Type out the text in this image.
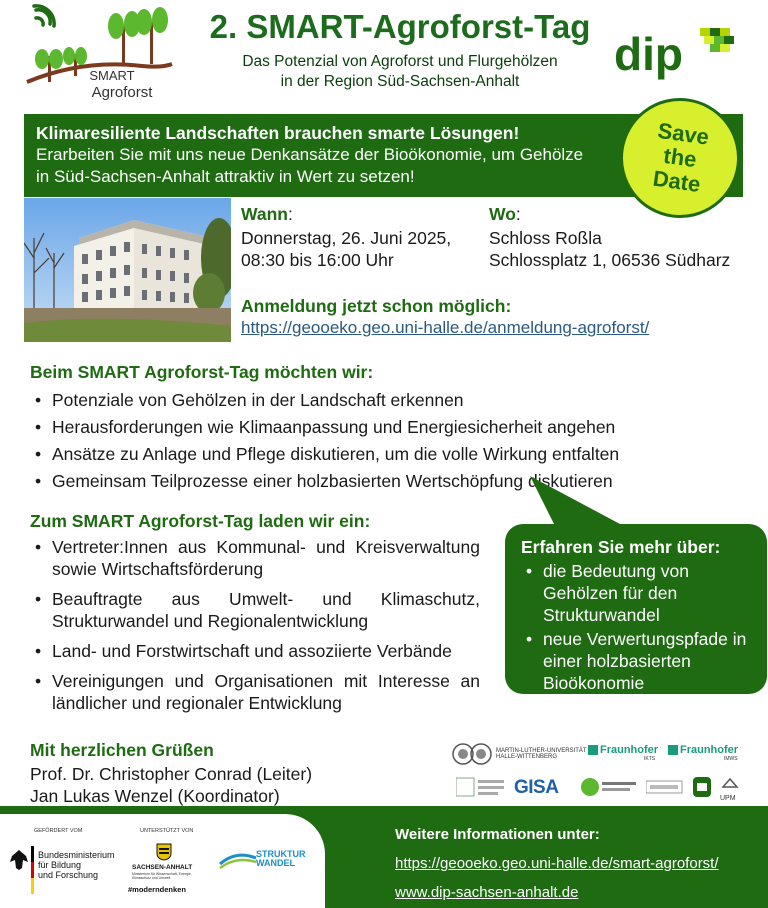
SMART
Agroforst
2. SMART-Agroforst-Tag
Das Potenzial von Agroforst und Flurgehölzen
in der Region Süd-Sachsen-Anhalt
dip
Klimaresiliente Landschaften brauchen smarte Lösungen!
Erarbeiten Sie mit uns neue Denkansätze der Bioökonomie, um Gehölze in Süd-Sachsen-Anhalt attraktiv in Wert zu setzen!
Save
the
Date
Wann:
Donnerstag, 26. Juni 2025,
08:30 bis 16:00 Uhr
Wo:
Schloss Roßla
Schlossplatz 1, 06536 Südharz
Anmeldung jetzt schon möglich:
https://geooeko.geo.uni-halle.de/anmeldung-agroforst/
Beim SMART Agroforst-Tag möchten wir:
• Potenziale von Gehölzen in der Landschaft erkennen
• Herausforderungen wie Klimaanpassung und Energiesicherheit angehen
• Ansätze zu Anlage und Pflege diskutieren, um die volle Wirkung entfalten
• Gemeinsam Teilprozesse einer holzbasierten Wertschöpfung diskutieren
Zum SMART Agroforst-Tag laden wir ein:
• Vertreter:Innen aus Kommunal- und Kreisverwaltung sowie Wirtschaftsförderung
• Beauftragte aus Umwelt- und Klimaschutz, Strukturwandel und Regionalentwicklung
• Land- und Forstwirtschaft und assoziierte Verbände
• Vereinigungen und Organisationen mit Interesse an ländlicher und regionaler Entwicklung
Erfahren Sie mehr über:
• die Bedeutung von Gehölzen für den Strukturwandel
• neue Verwertungspfade in einer holzbasierten Bioökonomie
Mit herzlichen Grüßen
Prof. Dr. Christopher Conrad (Leiter)
Jan Lukas Wenzel (Koordinator)
MARTIN-LUTHER-UNIVERSITÄT
HALLE-WITTENBERG
Fraunhofer
IKTS
Fraunhofer
IMWS
GISA
UPM
GEFÖRDERT VOM
Bundesministerium
für Bildung
und Forschung
UNTERSTÜTZT VON
SACHSEN-ANHALT
Ministerium für Wissenschaft, Energie, Klimaschutz und Umwelt
#moderndenken
STRUKTUR
WANDEL
Weitere Informationen unter:
https://geooeko.geo.uni-halle.de/smart-agroforst/
www.dip-sachsen-anhalt.de
